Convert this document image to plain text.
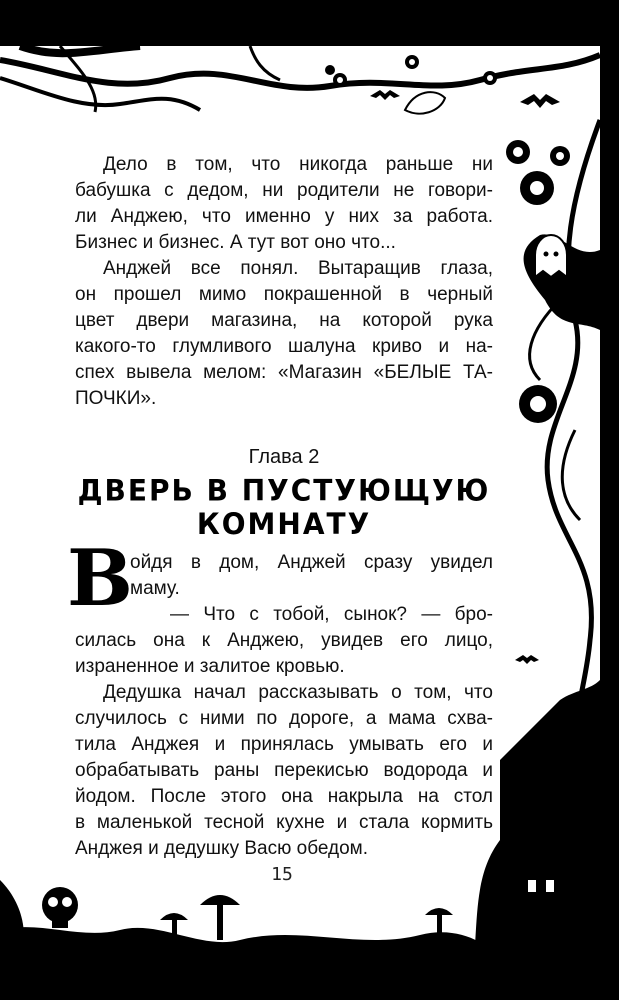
Дело в том, что никогда раньше ни
бабушка с дедом, ни родители не говори-
ли Анджею, что именно у них за работа.

Бизнес и бизнес. А тут вот оно что...

Анджей все понял. Вытаращив глаза,
он прошел мимо покрашенной в черный
цвет двери магазина, на которой рука
какого-то глумливого шалуна криво и на-
спех вывела мелом: «Магазин «БЕЛЫЕ ТА-

ПОЧКИ».

Глава 2
ДВЕРЬ В ПУСТУЮЩУЮ
КОМНАТУ
В

ойдя в дом, Анджей сразу увидел

маму.

— Что с тобой, сынок? — бро-

силась она к Анджею, увидев его лицо,

израненное и залитое кровью.

Дедушка начал рассказывать о том, что
случилось с ними по дороге, а мама схва-
тила Анджея и принялась умывать его и
обрабатывать раны перекисью водорода и
йодом. После этого она накрыла на стол
в маленькой тесной кухне и стала кормить

Анджея и дедушку Васю обедом.

15
